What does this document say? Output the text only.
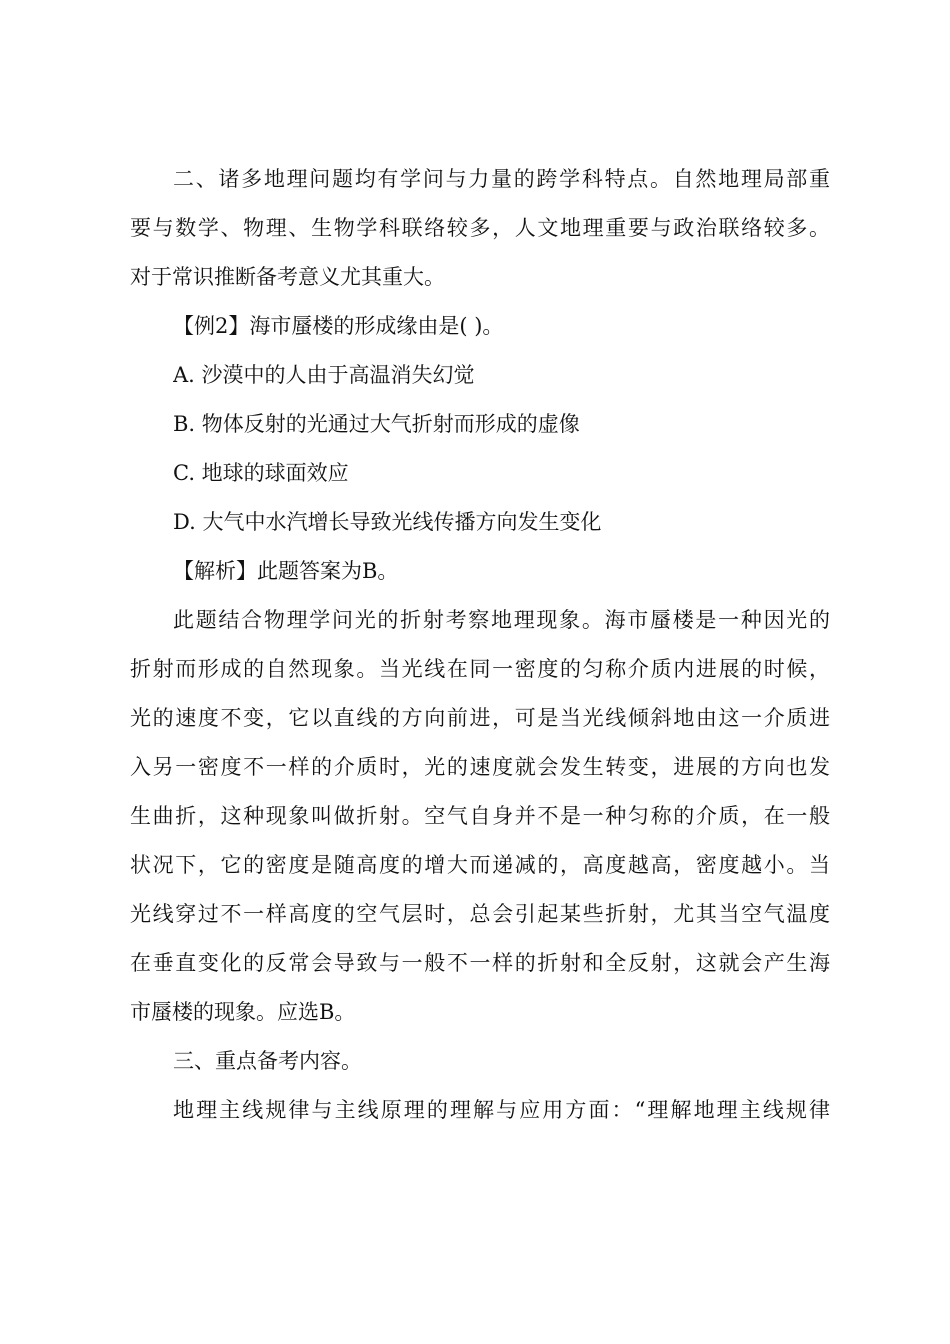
二、诸多地理问题均有学问与力量的跨学科特点。自然地理局部重
要与数学、物理、生物学科联络较多，人文地理重要与政治联络较多。
对于常识推断备考意义尤其重大。
【例2】海市蜃楼的形成缘由是( )。
A. 沙漠中的人由于高温消失幻觉
B. 物体反射的光通过大气折射而形成的虚像
C. 地球的球面效应
D. 大气中水汽增长导致光线传播方向发生变化
【解析】此题答案为B。
此题结合物理学问光的折射考察地理现象。海市蜃楼是一种因光的
折射而形成的自然现象。当光线在同一密度的匀称介质内进展的时候，
光的速度不变，它以直线的方向前进，可是当光线倾斜地由这一介质进
入另一密度不一样的介质时，光的速度就会发生转变，进展的方向也发
生曲折，这种现象叫做折射。空气自身并不是一种匀称的介质，在一般
状况下，它的密度是随高度的增大而递减的，高度越高，密度越小。当
光线穿过不一样高度的空气层时，总会引起某些折射，尤其当空气温度
在垂直变化的反常会导致与一般不一样的折射和全反射，这就会产生海
市蜃楼的现象。应选B。
三、重点备考内容。
地理主线规律与主线原理的理解与应用方面：“理解地理主线规律
